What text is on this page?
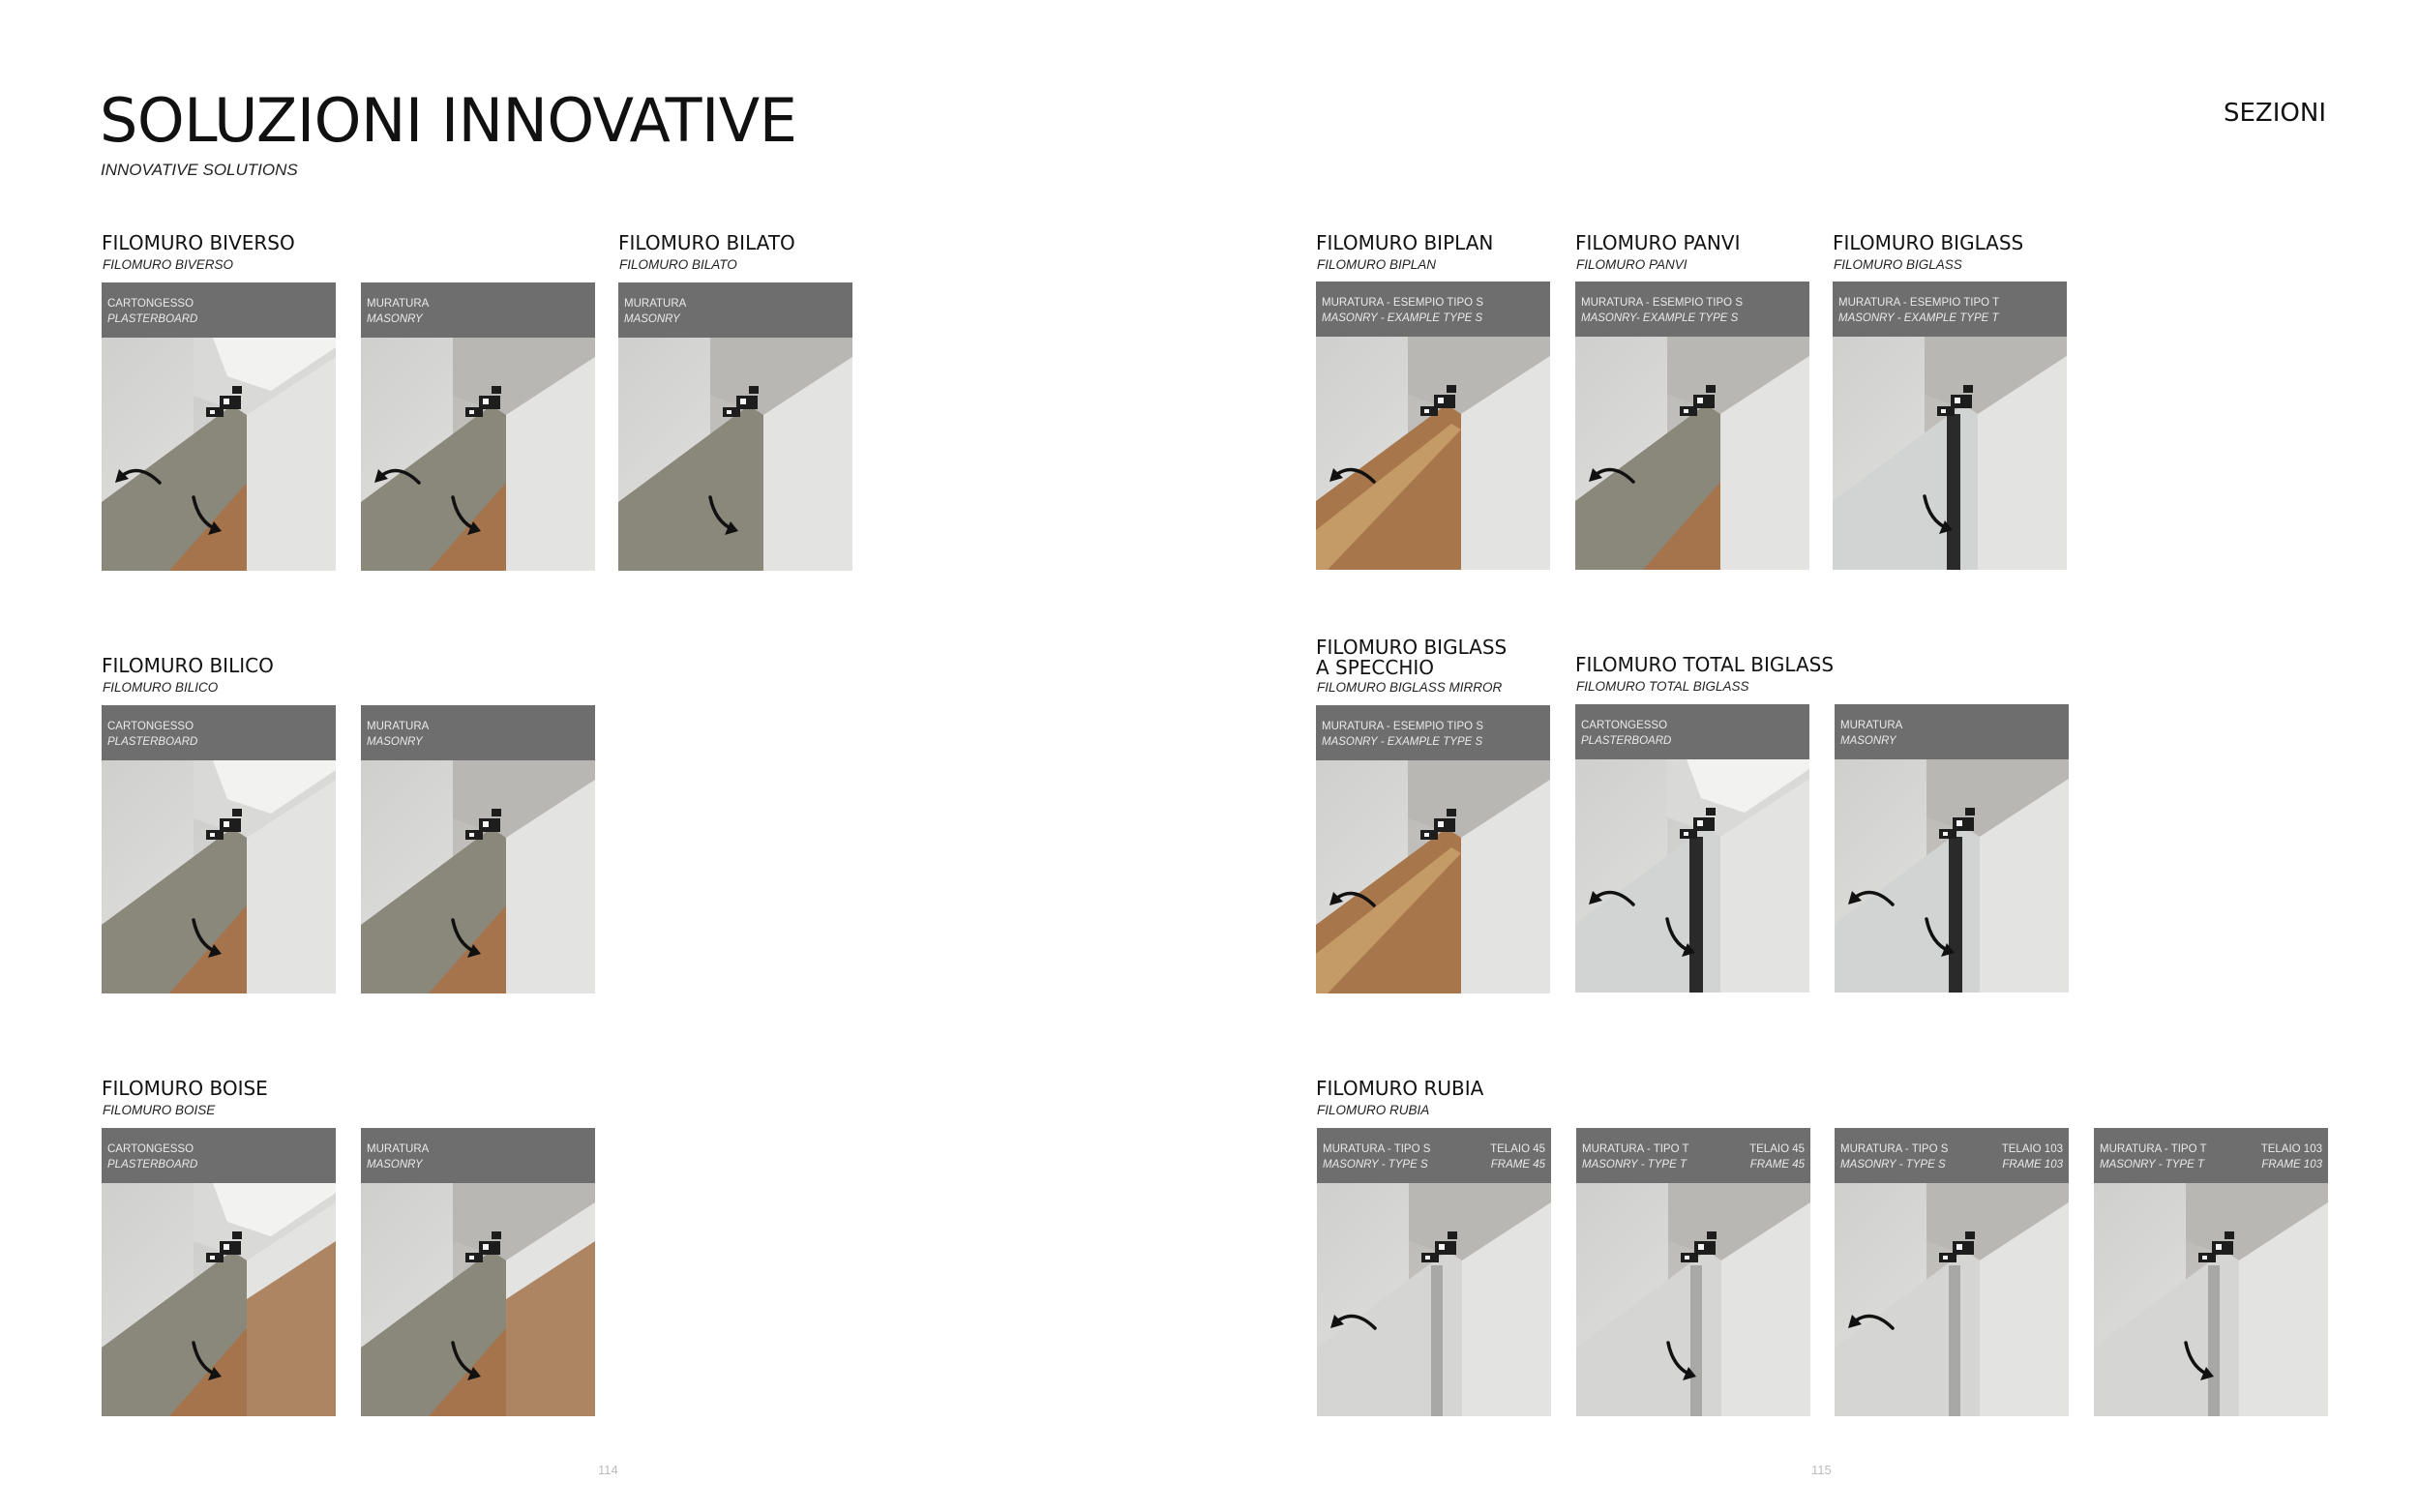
SOLUZIONI INNOVATIVE

INNOVATIVE SOLUTIONS

SEZIONI

FILOMURO BIVERSO

FILOMURO BIVERSO

CARTONGESSO
PLASTERBOARD
MURATURA
MASONRY
FILOMURO BILATO

FILOMURO BILATO

MURATURA
MASONRY
FILOMURO BILICO

FILOMURO BILICO

CARTONGESSO
PLASTERBOARD
MURATURA
MASONRY
FILOMURO BOISE

FILOMURO BOISE

CARTONGESSO
PLASTERBOARD
MURATURA
MASONRY
FILOMURO BIPLAN

FILOMURO BIPLAN

MURATURA - ESEMPIO TIPO S
MASONRY - EXAMPLE TYPE S
FILOMURO PANVI

FILOMURO PANVI

MURATURA - ESEMPIO TIPO S
MASONRY- EXAMPLE TYPE S
FILOMURO BIGLASS

FILOMURO BIGLASS

MURATURA - ESEMPIO TIPO T
MASONRY - EXAMPLE TYPE T
FILOMURO BIGLASS
A SPECCHIO

FILOMURO BIGLASS MIRROR

MURATURA - ESEMPIO TIPO S
MASONRY - EXAMPLE TYPE S
FILOMURO TOTAL BIGLASS

FILOMURO TOTAL BIGLASS

CARTONGESSO
PLASTERBOARD
MURATURA
MASONRY
FILOMURO RUBIA

FILOMURO RUBIA

MURATURA - TIPO S
MASONRY - TYPE S
TELAIO 45
FRAME 45
MURATURA - TIPO T
MASONRY - TYPE T
TELAIO 45
FRAME 45
MURATURA - TIPO S
MASONRY - TYPE S
TELAIO 103
FRAME 103
MURATURA - TIPO T
MASONRY - TYPE T
TELAIO 103
FRAME 103
114	115
